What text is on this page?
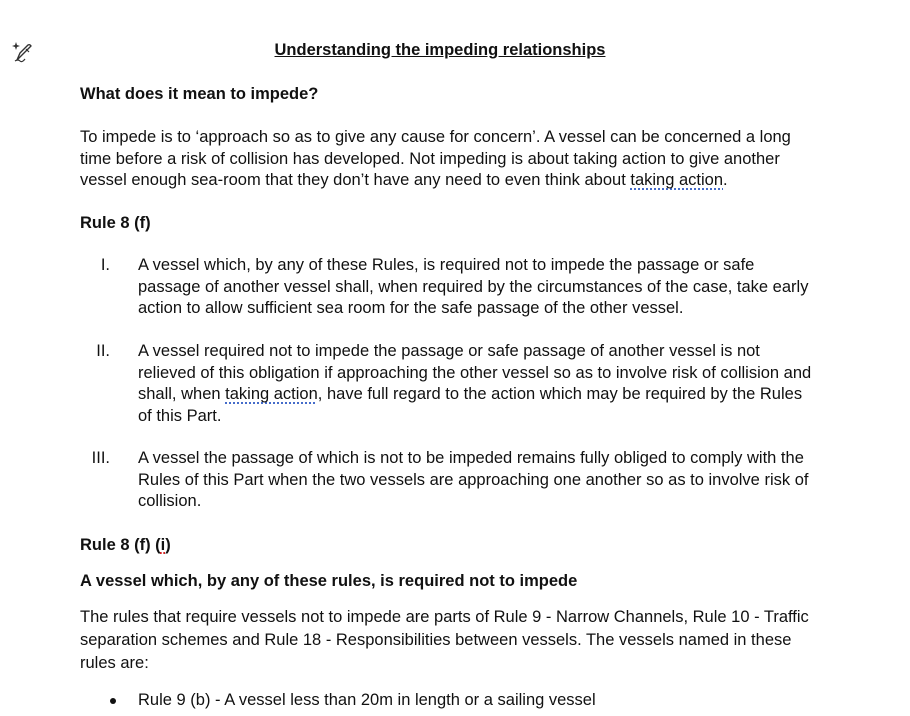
Understanding the impeding relationships
What does it mean to impede?
To impede is to ‘approach so as to give any cause for concern’. A vessel can be concerned a long time before a risk of collision has developed. Not impeding is about taking action to give another vessel enough sea-room that they don’t have any need to even think about taking action.
Rule 8 (f)
I. A vessel which, by any of these Rules, is required not to impede the passage or safe passage of another vessel shall, when required by the circumstances of the case, take early action to allow sufficient sea room for the safe passage of the other vessel.
II. A vessel required not to impede the passage or safe passage of another vessel is not relieved of this obligation if approaching the other vessel so as to involve risk of collision and shall, when taking action, have full regard to the action which may be required by the Rules of this Part.
III. A vessel the passage of which is not to be impeded remains fully obliged to comply with the Rules of this Part when the two vessels are approaching one another so as to involve risk of collision.
Rule 8 (f) (i)
A vessel which, by any of these rules, is required not to impede
The rules that require vessels not to impede are parts of Rule 9 - Narrow Channels, Rule 10 - Traffic separation schemes and Rule 18 - Responsibilities between vessels. The vessels named in these rules are:
Rule 9 (b) - A vessel less than 20m in length or a sailing vessel
